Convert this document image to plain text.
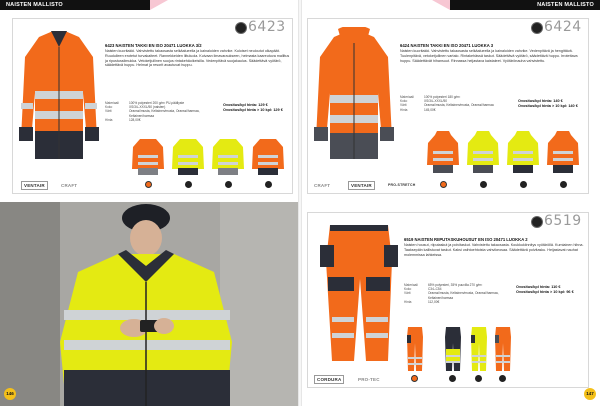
NAISTEN MALLISTO
6423
6423 NAISTEN TAKKI EN ISO 20471 LUOKKA 3/2
Naisten kuoritakki. Vahvistettu takaosasta selkäalueella ja kainaloiden vahvike. Kuloiset neuloutut olkapäät. Ruudulleen erotetut turvakaiteet. Rannekkeiden liituluola. Kuivaan ilmavaraukseen, helmasta kaareutuva mallitus ja ripustussilmukka. Vetoketjullinen suojus rintakehäoikeisilla. Vedenpitävä suojakaulus. Säädettävä vyötärö, säädettävä huppu. Helmat ja resorit avautuvat huppu.
Materiaali	100% polyesteri 200 g/m² PU-päällyste
Koko	XS/34–XXXL/50 (naisten)
Värit	Oranssi/musta, Keltainen/musta, Oranssi/harmaa, Keltainen/harmaa
Hinta	128,00€
Ovositus/kpl hinta: 129 €
Ovositus/kpl hinta > 10 kpl: 129 €
VENTAIR	CRAFT
146
NAISTEN MALLISTO
6424
6424 NAISTEN TAKKI EN ISO 20471 LUOKKA 3
Naisten kuoritakki. Vahvistettu takaosasta selkäalueella ja kainaloiden vahvike. Vedenpitävä ja hengittävä. Tuulenpitävä, vetoketjullinen vartalo. Rintakehässä taskut. Säädettävä vyötärö, säädettävä huppu. Irrotettava huppu. Säädettävät hihansuut. Rinnassa heijastava kaistaleet. Vyötärönauha vahvistettu.
Materiaali	100% polyesteri 180 g/m²
Koko	XS/34–XXXL/50
Värit	Oranssi/musta, Keltainen/musta, Oranssi/harmaa
Hinta	145,00€
Ovositus/kpl hinta: 140 €
Ovositus/kpl hinta > 10 kpl: 140 €
CRAFT	VENTAIR	PRO-STRETCH
6519
6519 NAISTEN RIIPUTASKUHOUSUT EN ISO 20471 LUOKKA 2
Naisten housut, riiputaskut ja polvitaskut. Vahvistettu takaosasta. Koukkukiinnitys vyötäröllä. Kumiainen hihna. Taaksepäin kallistuvat taskut. Kaksi vaihtoehtoista vahvikeosaa. Säädettävä polvitasku. Heijastavat nauhat molemmissa lahkeissa.
Materiaali	65% polyesteri, 35% puuvilla 270 g/m²
Koko	C34–C54
Värit	Oranssi/musta, Keltainen/musta, Oranssi/harmaa, Keltainen/harmaa
Hinta	112,00€
Ovositus/kpl hinta: 110 €
Ovositus/kpl hinta > 10 kpl: 96 €
CORDURA	PRO-TEC
147
